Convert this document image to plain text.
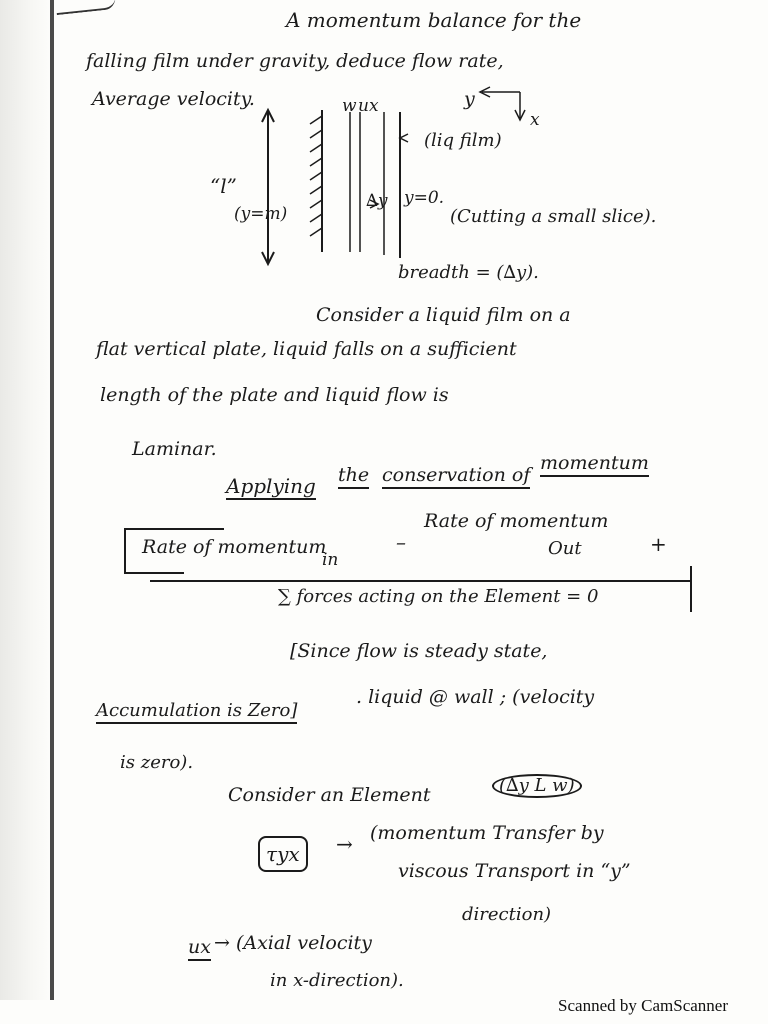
A momentum balance for the
falling film under gravity, deduce flow rate,
Average velocity.
“l”
(y=m)
w ux	y
x
(liq film)
∆y y=0.
(Cutting a small slice).
breadth = (∆y).
Consider a liquid film on a
flat vertical plate, liquid falls on a sufficient
length of the plate and liquid flow is
Laminar.
Applying the conservation of
momentum
Rate of momentum
in
–
Rate of momentum
Out	+
∑ forces acting on the Element = 0
[Since flow is steady state,
Accumulation is Zero]
. liquid @ wall ; (velocity
is zero).
Consider an Element	(∆y L w)
τyx	→ (momentum Transfer by
viscous Transport in “y”
direction)
ux → (Axial velocity
in x-direction).
Scanned by CamScanner
